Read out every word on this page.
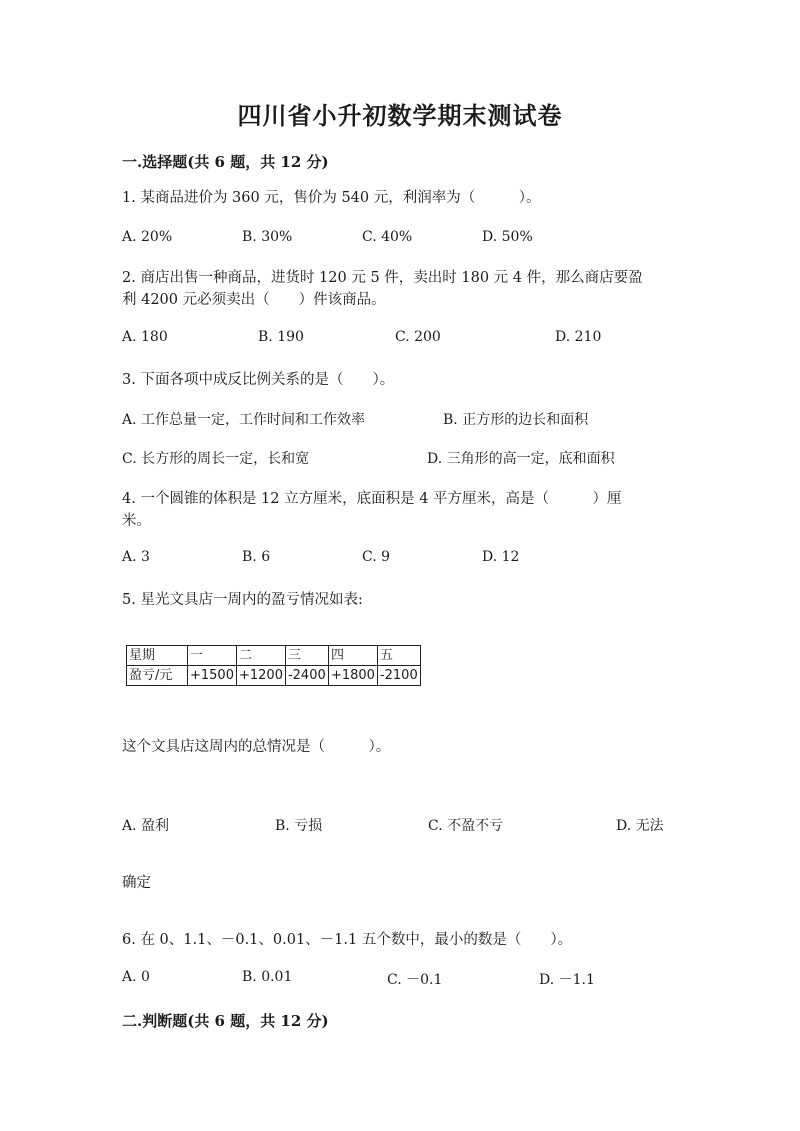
四川省小升初数学期末测试卷
一.选择题(共 6 题，共 12 分)
1. 某商品进价为 360 元，售价为 540 元，利润率为（　　　）。
A. 20%	B. 30%	C. 40%	D. 50%
2. 商店出售一种商品，进货时 120 元 5 件，卖出时 180 元 4 件，那么商店要盈
利 4200 元必须卖出（　　）件该商品。
A. 180	B. 190	C. 200	D. 210
3. 下面各项中成反比例关系的是（　　）。
A. 工作总量一定，工作时间和工作效率	B. 正方形的边长和面积
C. 长方形的周长一定，长和宽	D. 三角形的高一定，底和面积
4. 一个圆锥的体积是 12 立方厘米，底面积是 4 平方厘米，高是（　　　）厘
米。
A. 3	B. 6	C. 9	D. 12
5. 星光文具店一周内的盈亏情况如表:
星期	一	二	三	四	五
盈亏/元	+1500	+1200	-2400	+1800	-2100
这个文具店这周内的总情况是（　　　）。
A. 盈利	B. 亏损	C. 不盈不亏	D. 无法
确定
6. 在 0、1.1、－0.1、0.01、－1.1 五个数中，最小的数是（　　）。
A. 0	B. 0.01	C. －0.1	D. －1.1
二.判断题(共 6 题，共 12 分)
